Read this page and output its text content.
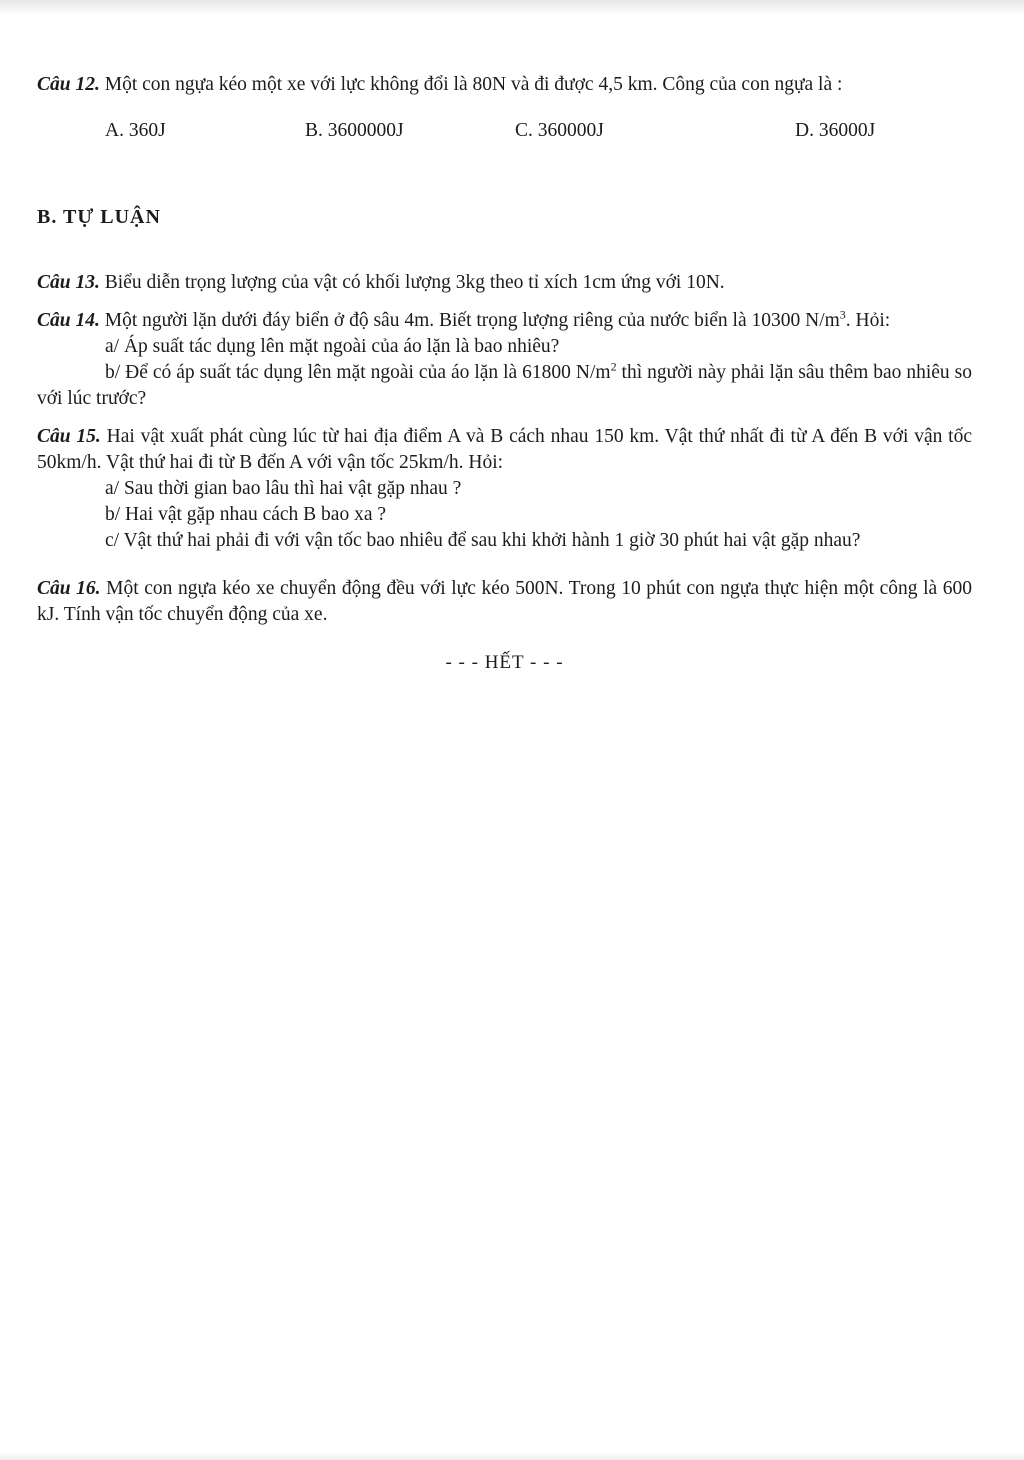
Câu 12. Một con ngựa kéo một xe với lực không đổi là 80N và đi được 4,5 km. Công của con ngựa là :

A. 360J	B. 3600000J	C. 360000J	D. 36000J

B. TỰ LUẬN

Câu 13. Biểu diễn trọng lượng của vật có khối lượng 3kg theo tỉ xích 1cm ứng với 10N.

Câu 14. Một người lặn dưới đáy biển ở độ sâu 4m. Biết trọng lượng riêng của nước biển là 10300 $N/m^3$. Hỏi:

a/ Áp suất tác dụng lên mặt ngoài của áo lặn là bao nhiêu?

b/ Để có áp suất tác dụng lên mặt ngoài của áo lặn là 61800 $N/m^2$ thì người này phải lặn sâu thêm bao nhiêu so với lúc trước?

Câu 15. Hai vật xuất phát cùng lúc từ hai địa điểm A và B cách nhau 150 km. Vật thứ nhất đi từ A đến B với vận tốc 50km/h. Vật thứ hai đi từ B đến A với vận tốc 25km/h. Hỏi:

a/ Sau thời gian bao lâu thì hai vật gặp nhau ?

b/ Hai vật gặp nhau cách B bao xa ?

c/ Vật thứ hai phải đi với vận tốc bao nhiêu để sau khi khởi hành 1 giờ 30 phút hai vật gặp nhau?

Câu 16. Một con ngựa kéo xe chuyển động đều với lực kéo 500N. Trong 10 phút con ngựa thực hiện một công là 600 kJ. Tính vận tốc chuyển động của xe.

- - - HẾT - - -
